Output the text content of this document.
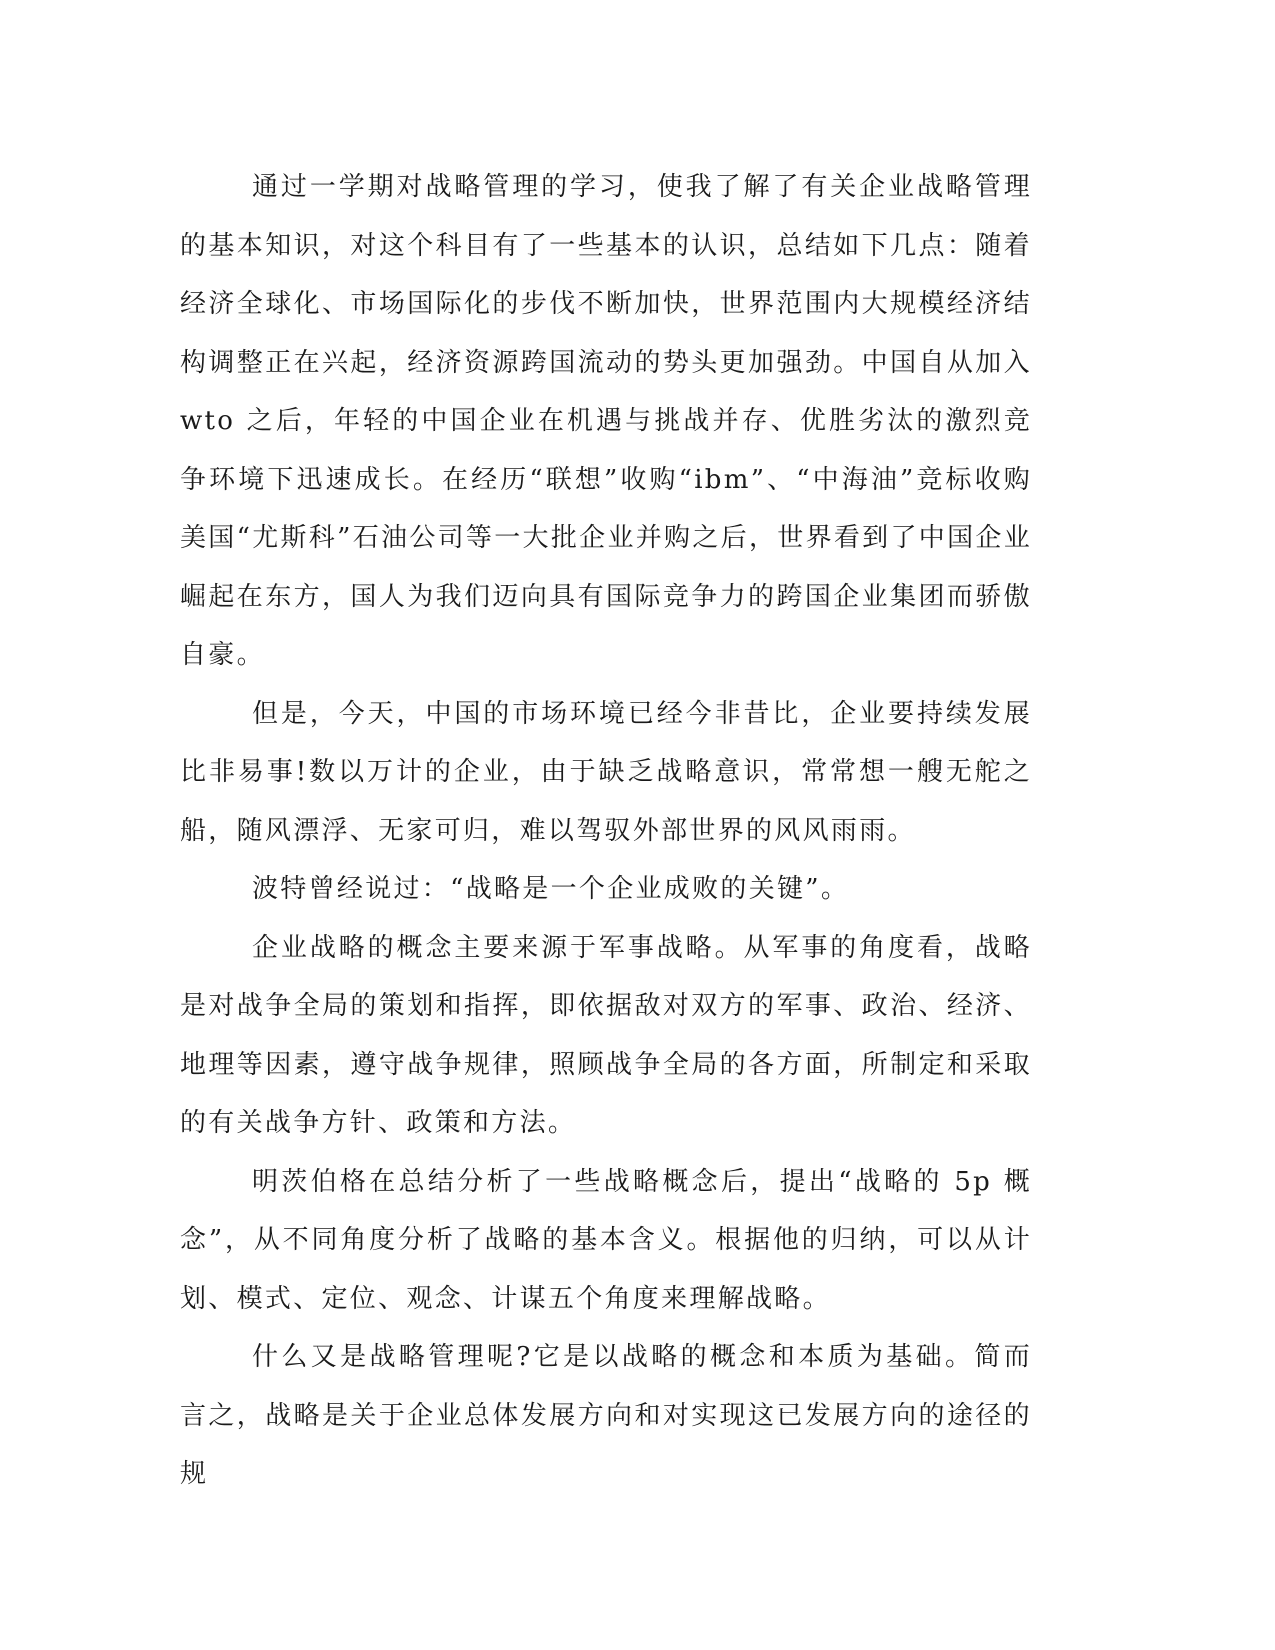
通过一学期对战略管理的学习，使我了解了有关企业战略管理的基本知识，对这个科目有了一些基本的认识，总结如下几点：随着经济全球化、市场国际化的步伐不断加快，世界范围内大规模经济结构调整正在兴起，经济资源跨国流动的势头更加强劲。中国自从加入 wto 之后，年轻的中国企业在机遇与挑战并存、优胜劣汰的激烈竞争环境下迅速成长。在经历“联想”收购“ibm”、“中海油”竞标收购美国“尤斯科”石油公司等一大批企业并购之后，世界看到了中国企业崛起在东方，国人为我们迈向具有国际竞争力的跨国企业集团而骄傲自豪。

但是，今天，中国的市场环境已经今非昔比，企业要持续发展比非易事!数以万计的企业，由于缺乏战略意识，常常想一艘无舵之船，随风漂浮、无家可归，难以驾驭外部世界的风风雨雨。

波特曾经说过：“战略是一个企业成败的关键”。

企业战略的概念主要来源于军事战略。从军事的角度看，战略是对战争全局的策划和指挥，即依据敌对双方的军事、政治、经济、地理等因素，遵守战争规律，照顾战争全局的各方面，所制定和采取的有关战争方针、政策和方法。

明茨伯格在总结分析了一些战略概念后，提出“战略的 5p 概念”，从不同角度分析了战略的基本含义。根据他的归纳，可以从计划、模式、定位、观念、计谋五个角度来理解战略。

什么又是战略管理呢?它是以战略的概念和本质为基础。简而言之，战略是关于企业总体发展方向和对实现这已发展方向的途径的规
